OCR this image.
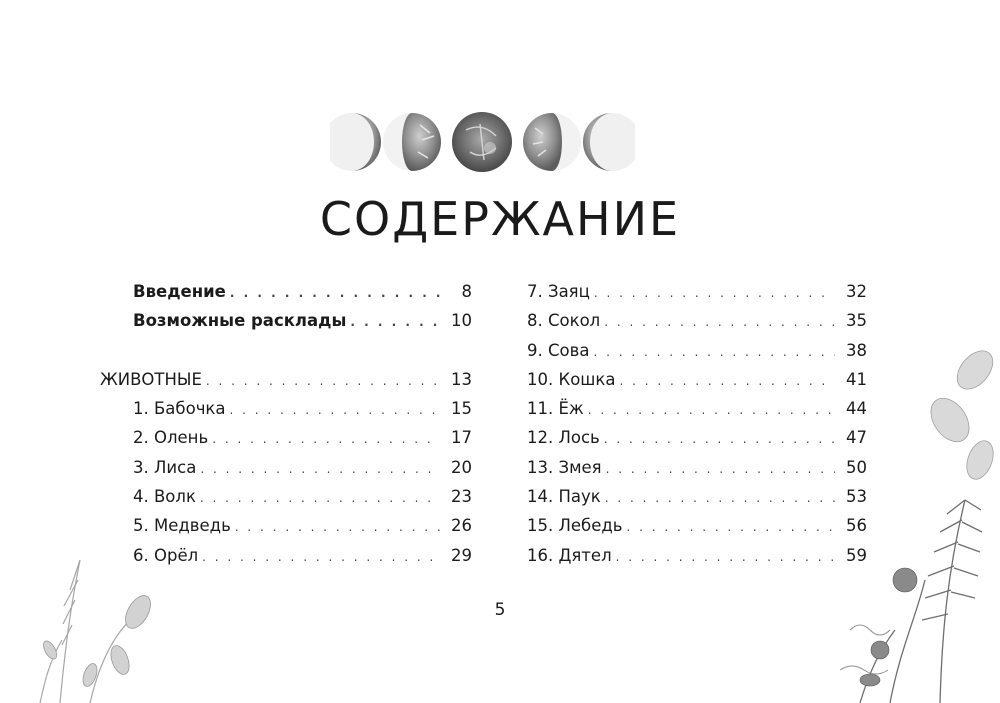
СОДЕРЖАНИЕ
Введение . . .	8
Возможные расклады . . .	10
ЖИВОТНЫЕ . . .	13
1. Бабочка . . .	15
2. Олень . . .	17
3. Лиса . . .	20
4. Волк . . .	23
5. Медведь . . .	26
6. Орёл . . .	29
7. Заяц . . .	32
8. Сокол . . .	35
9. Сова . . .	38
10. Кошка . . .	41
11. Ёж . . .	44
12. Лось . . .	47
13. Змея . . .	50
14. Паук . . .	53
15. Лебедь . . .	56
16. Дятел . . .	59
5
